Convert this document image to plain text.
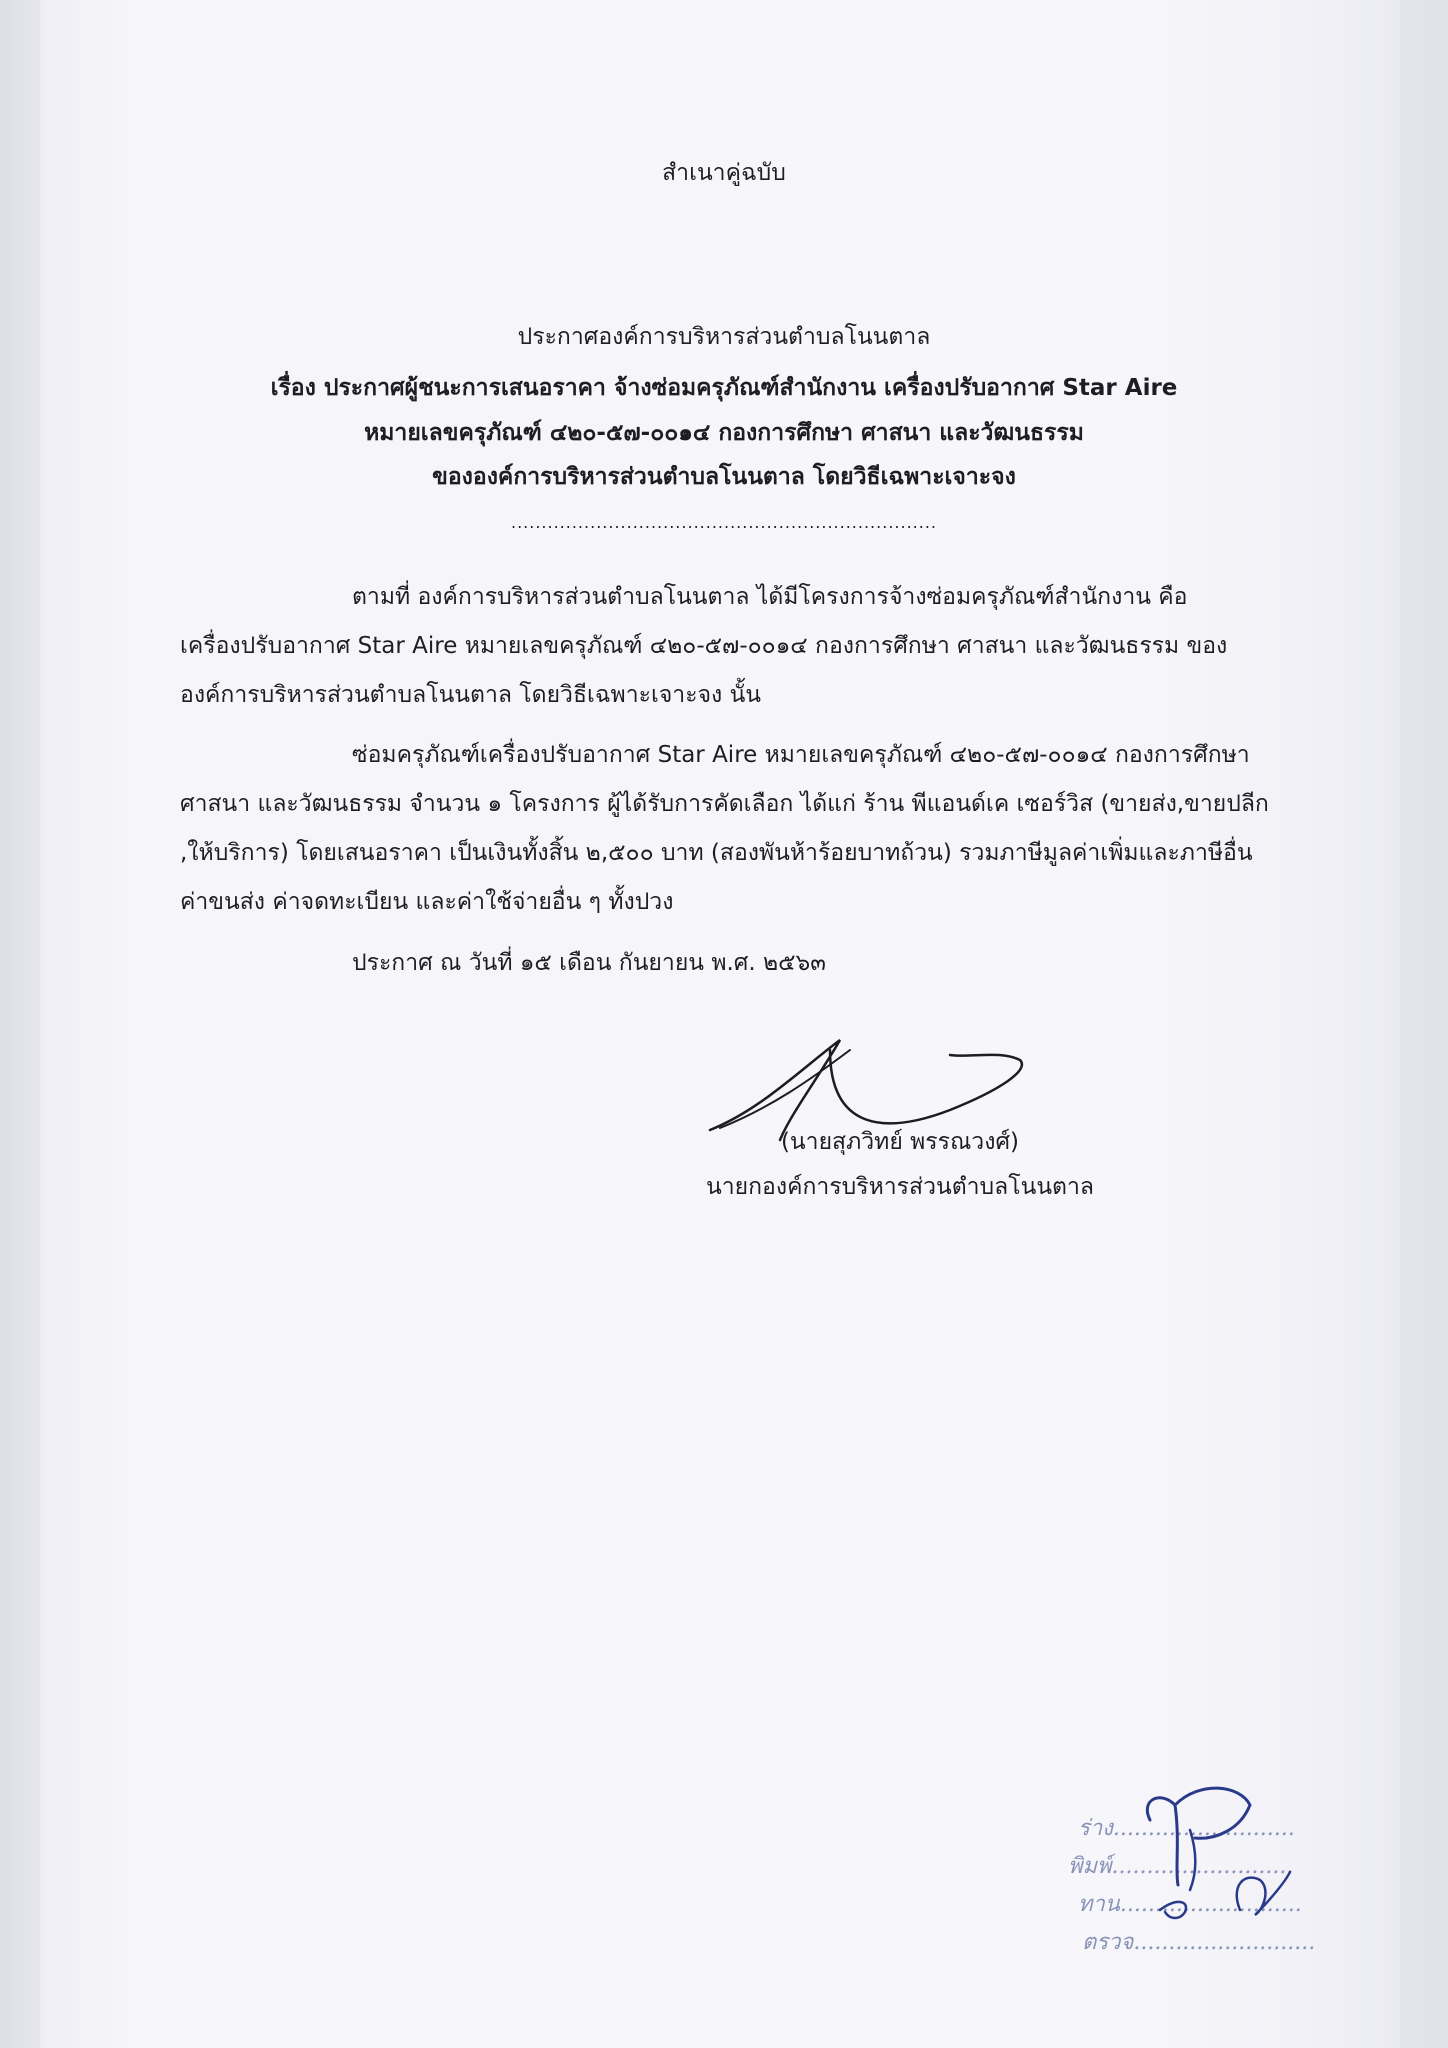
สำเนาคู่ฉบับ
ประกาศองค์การบริหารส่วนตำบลโนนตาล
เรื่อง ประกาศผู้ชนะการเสนอราคา จ้างซ่อมครุภัณฑ์สำนักงาน เครื่องปรับอากาศ Star Aire
หมายเลขครุภัณฑ์ ๔๒๐-๕๗-๐๐๑๔ กองการศึกษา ศาสนา และวัฒนธรรม
ขององค์การบริหารส่วนตำบลโนนตาล โดยวิธีเฉพาะเจาะจง
......................................................................
ตามที่ องค์การบริหารส่วนตำบลโนนตาล ได้มีโครงการจ้างซ่อมครุภัณฑ์สำนักงาน คือ
เครื่องปรับอากาศ Star Aire หมายเลขครุภัณฑ์ ๔๒๐-๕๗-๐๐๑๔ กองการศึกษา ศาสนา และวัฒนธรรม ของ
องค์การบริหารส่วนตำบลโนนตาล โดยวิธีเฉพาะเจาะจง นั้น
ซ่อมครุภัณฑ์เครื่องปรับอากาศ Star Aire หมายเลขครุภัณฑ์ ๔๒๐-๕๗-๐๐๑๔ กองการศึกษา
ศาสนา และวัฒนธรรม จำนวน ๑ โครงการ ผู้ได้รับการคัดเลือก ได้แก่ ร้าน พีแอนด์เค เซอร์วิส (ขายส่ง,ขายปลีก
,ให้บริการ) โดยเสนอราคา เป็นเงินทั้งสิ้น ๒,๕๐๐ บาท (สองพันห้าร้อยบาทถ้วน) รวมภาษีมูลค่าเพิ่มและภาษีอื่น
ค่าขนส่ง ค่าจดทะเบียน และค่าใช้จ่ายอื่น ๆ ทั้งปวง
ประกาศ ณ วันที่ ๑๕ เดือน กันยายน พ.ศ. ๒๕๖๓
(นายสุภวิทย์ พรรณวงศ์)
นายกองค์การบริหารส่วนตำบลโนนตาล
ร่าง..........................
พิมพ์..........................
ทาน..........................
ตรวจ..........................
